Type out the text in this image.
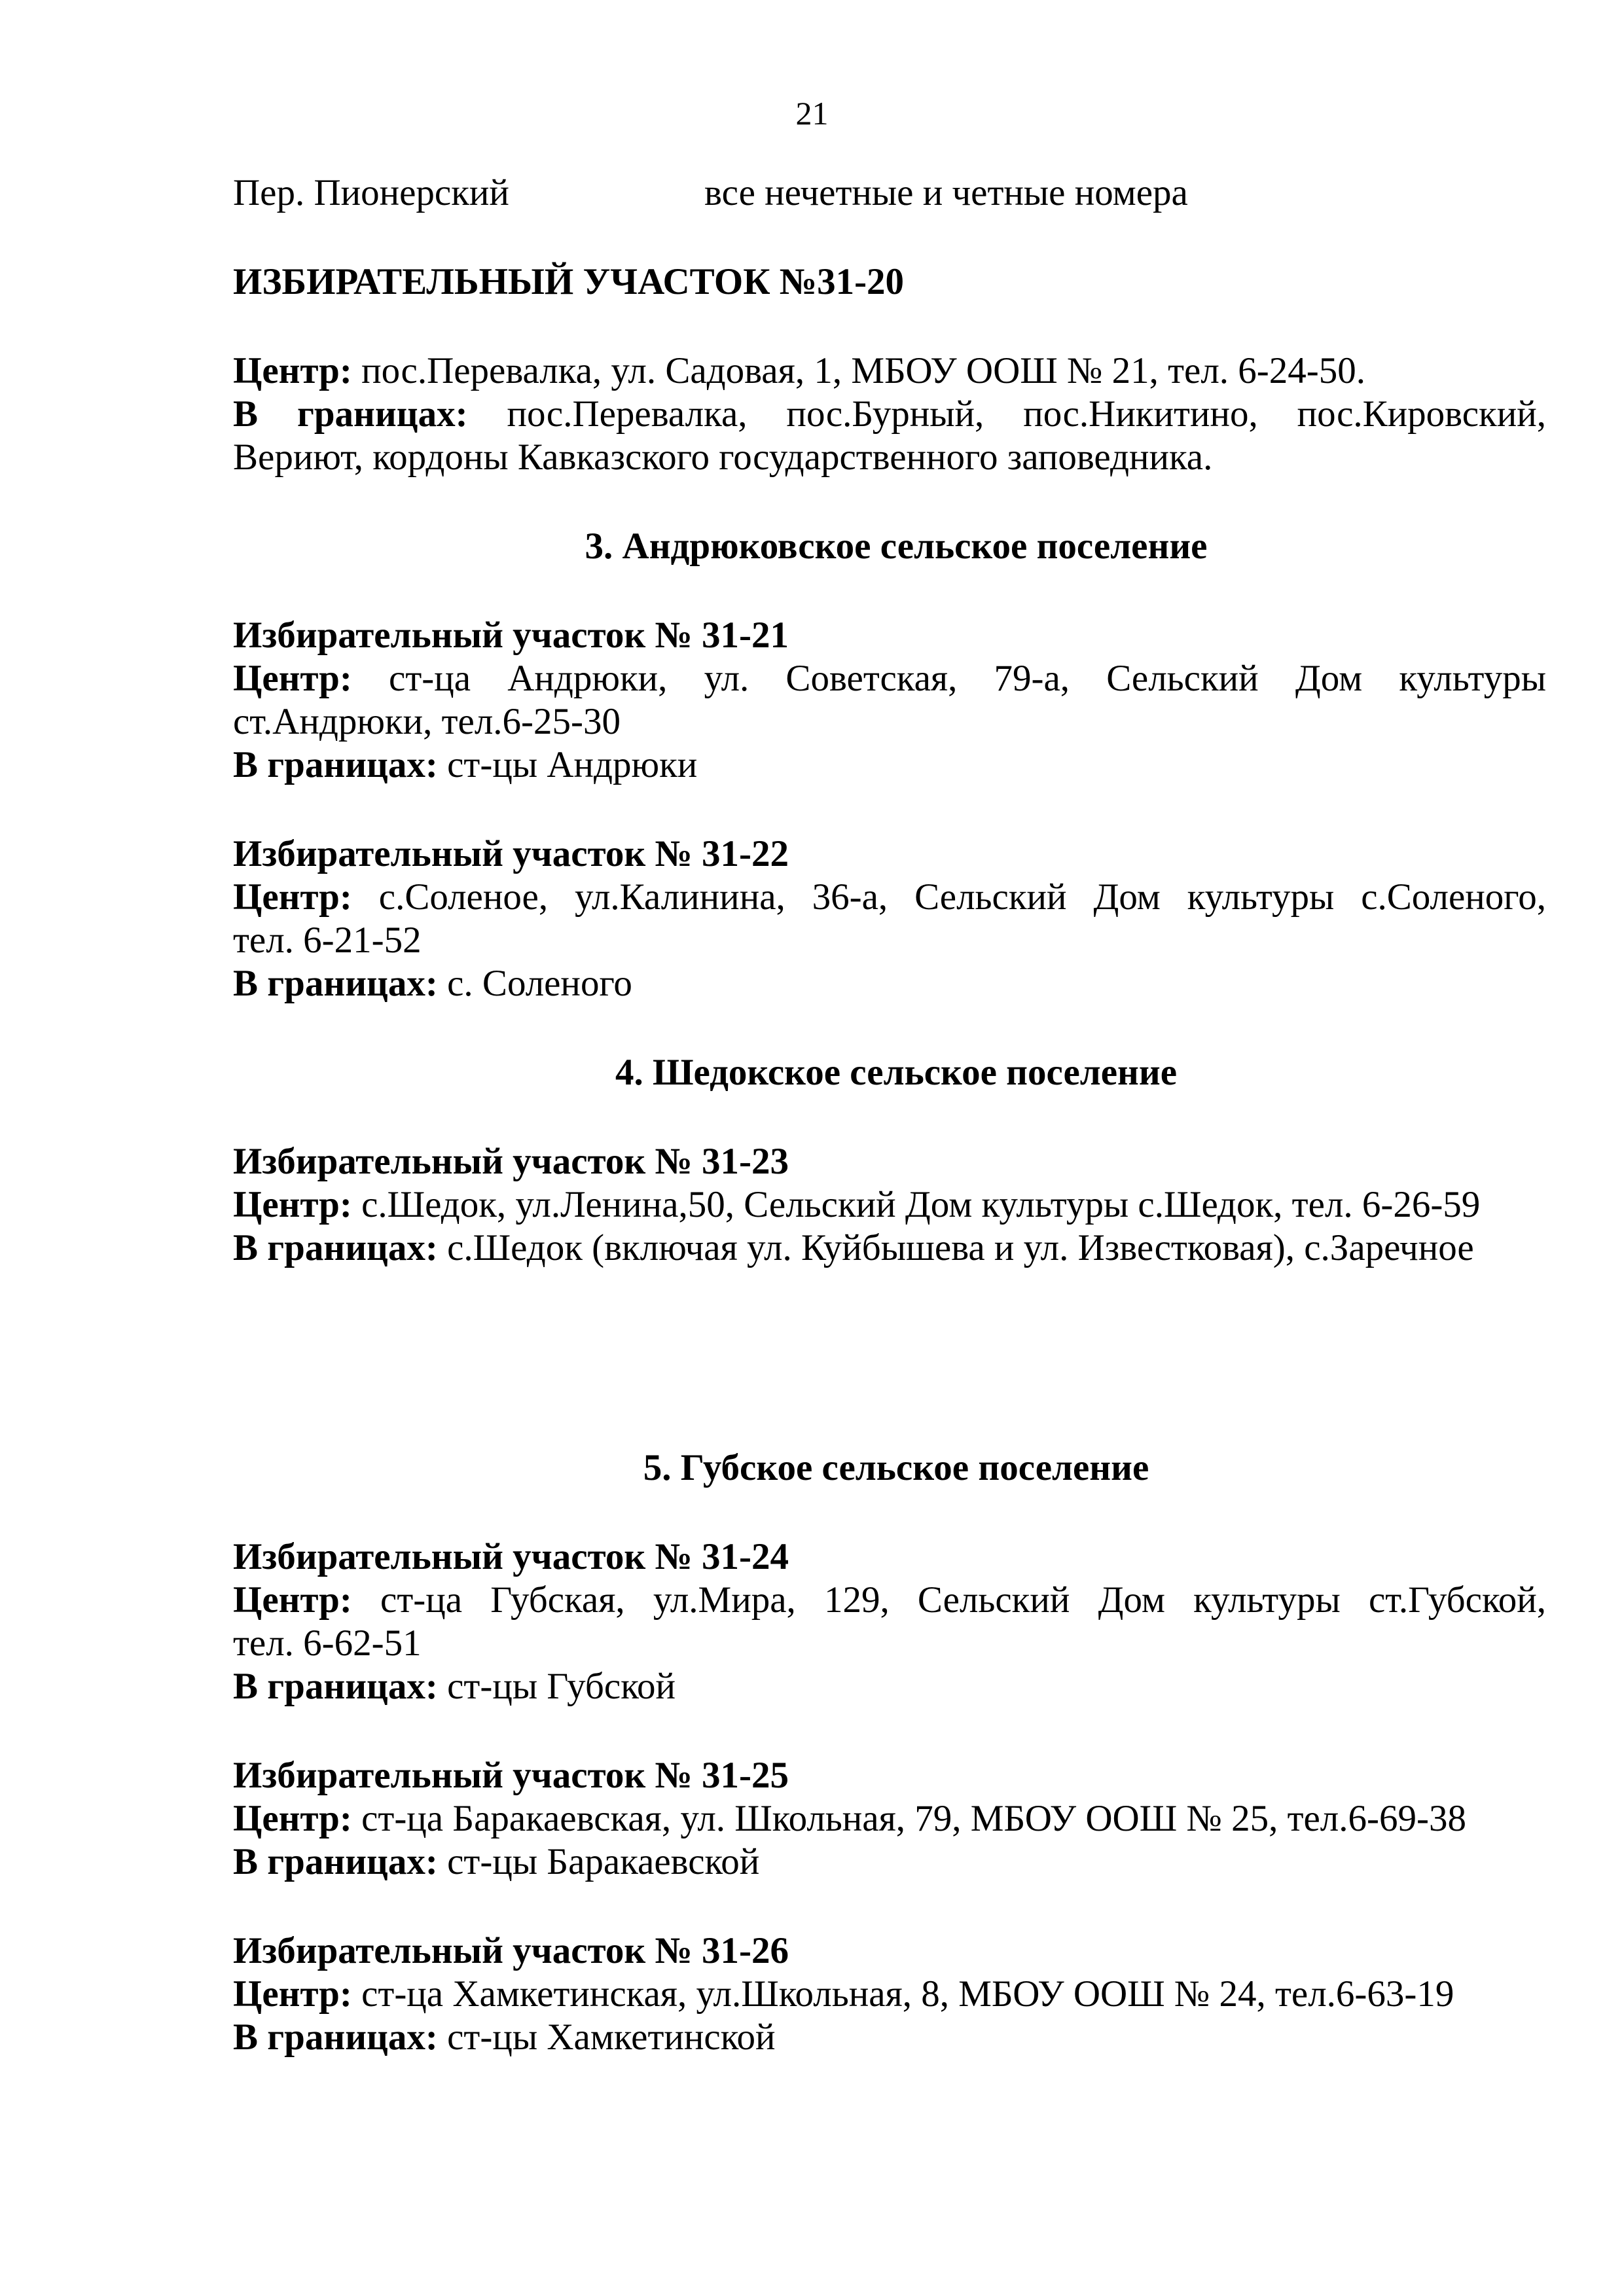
21
Пер. Пионерский	все нечетные и четные номера
ИЗБИРАТЕЛЬНЫЙ УЧАСТОК №31-20
Центр: пос.Перевалка, ул. Садовая, 1, МБОУ ООШ № 21, тел. 6-24-50.
В границах: пос.Перевалка, пос.Бурный, пос.Никитино, пос.Кировский,
Вериют, кордоны Кавказского государственного заповедника.
3. Андрюковское сельское поселение
Избирательный участок № 31-21
Центр: ст-ца Андрюки, ул. Советская, 79-а, Сельский Дом культуры
ст.Андрюки, тел.6-25-30
В границах: ст-цы Андрюки
Избирательный участок № 31-22
Центр: с.Соленое, ул.Калинина, 36-а, Сельский Дом культуры с.Соленого,
тел. 6-21-52
В границах: с. Соленого
4. Шедокское сельское поселение
Избирательный участок № 31-23
Центр: с.Шедок, ул.Ленина,50, Сельский Дом культуры с.Шедок, тел. 6-26-59
В границах: с.Шедок (включая ул. Куйбышева и ул. Известковая), с.Заречное
5. Губское сельское поселение
Избирательный участок № 31-24
Центр: ст-ца Губская, ул.Мира, 129, Сельский Дом культуры ст.Губской,
тел. 6-62-51
В границах: ст-цы Губской
Избирательный участок № 31-25
Центр: ст-ца Баракаевская, ул. Школьная, 79, МБОУ ООШ № 25, тел.6-69-38
В границах: ст-цы Баракаевской
Избирательный участок № 31-26
Центр: ст-ца Хамкетинская, ул.Школьная, 8, МБОУ ООШ № 24, тел.6-63-19
В границах: ст-цы Хамкетинской
